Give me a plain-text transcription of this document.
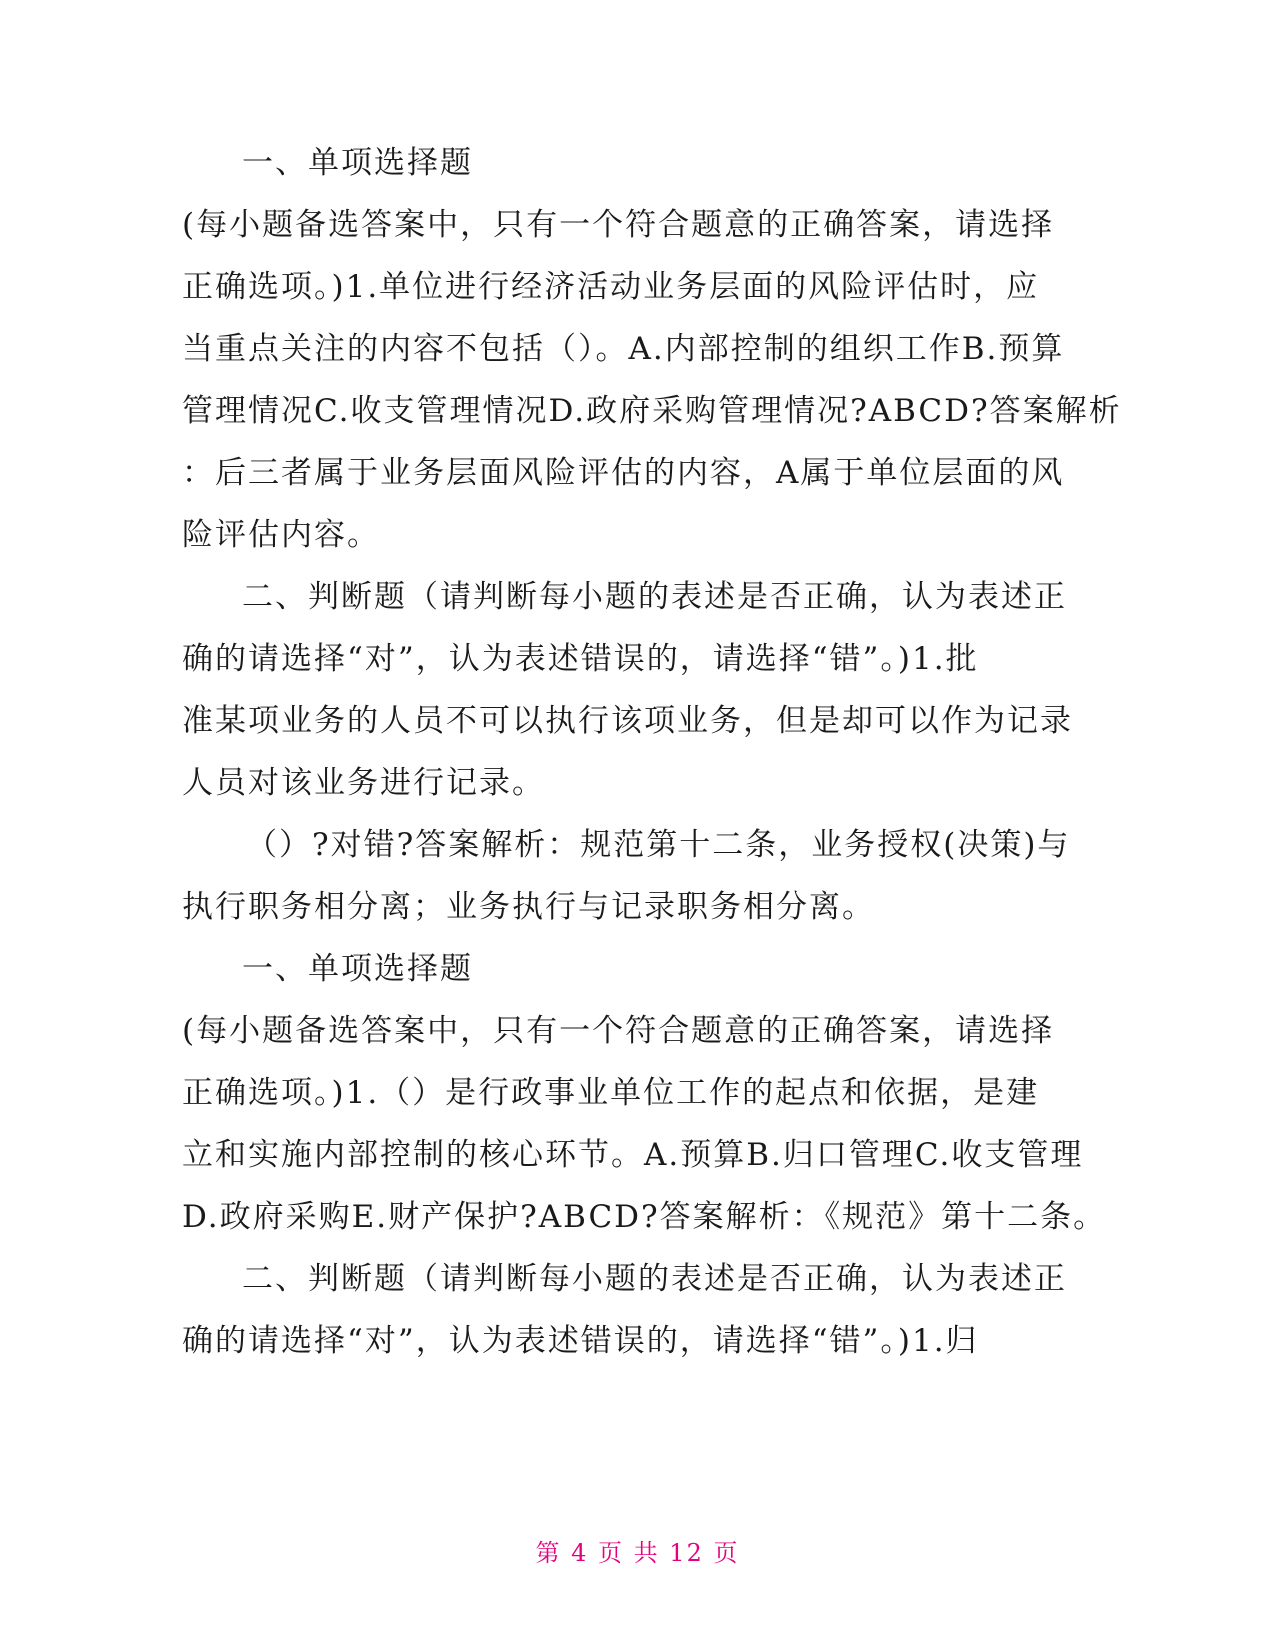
一、单项选择题
(每小题备选答案中，只有一个符合题意的正确答案，请选择
正确选项。)1.单位进行经济活动业务层面的风险评估时，应
当重点关注的内容不包括（）。A.内部控制的组织工作B.预算
管理情况C.收支管理情况D.政府采购管理情况?ABCD?答案解析
：后三者属于业务层面风险评估的内容，A属于单位层面的风
险评估内容。
二、判断题（请判断每小题的表述是否正确，认为表述正
确的请选择“对”，认为表述错误的，请选择“错”。)1.批
准某项业务的人员不可以执行该项业务，但是却可以作为记录
人员对该业务进行记录。
（）?对错?答案解析：规范第十二条，业务授权(决策)与
执行职务相分离；业务执行与记录职务相分离。
一、单项选择题
(每小题备选答案中，只有一个符合题意的正确答案，请选择
正确选项。)1.（）是行政事业单位工作的起点和依据，是建
立和实施内部控制的核心环节。A.预算B.归口管理C.收支管理
D.政府采购E.财产保护?ABCD?答案解析：《规范》第十二条。
二、判断题（请判断每小题的表述是否正确，认为表述正
确的请选择“对”，认为表述错误的，请选择“错”。)1.归
第 4 页 共 12 页
